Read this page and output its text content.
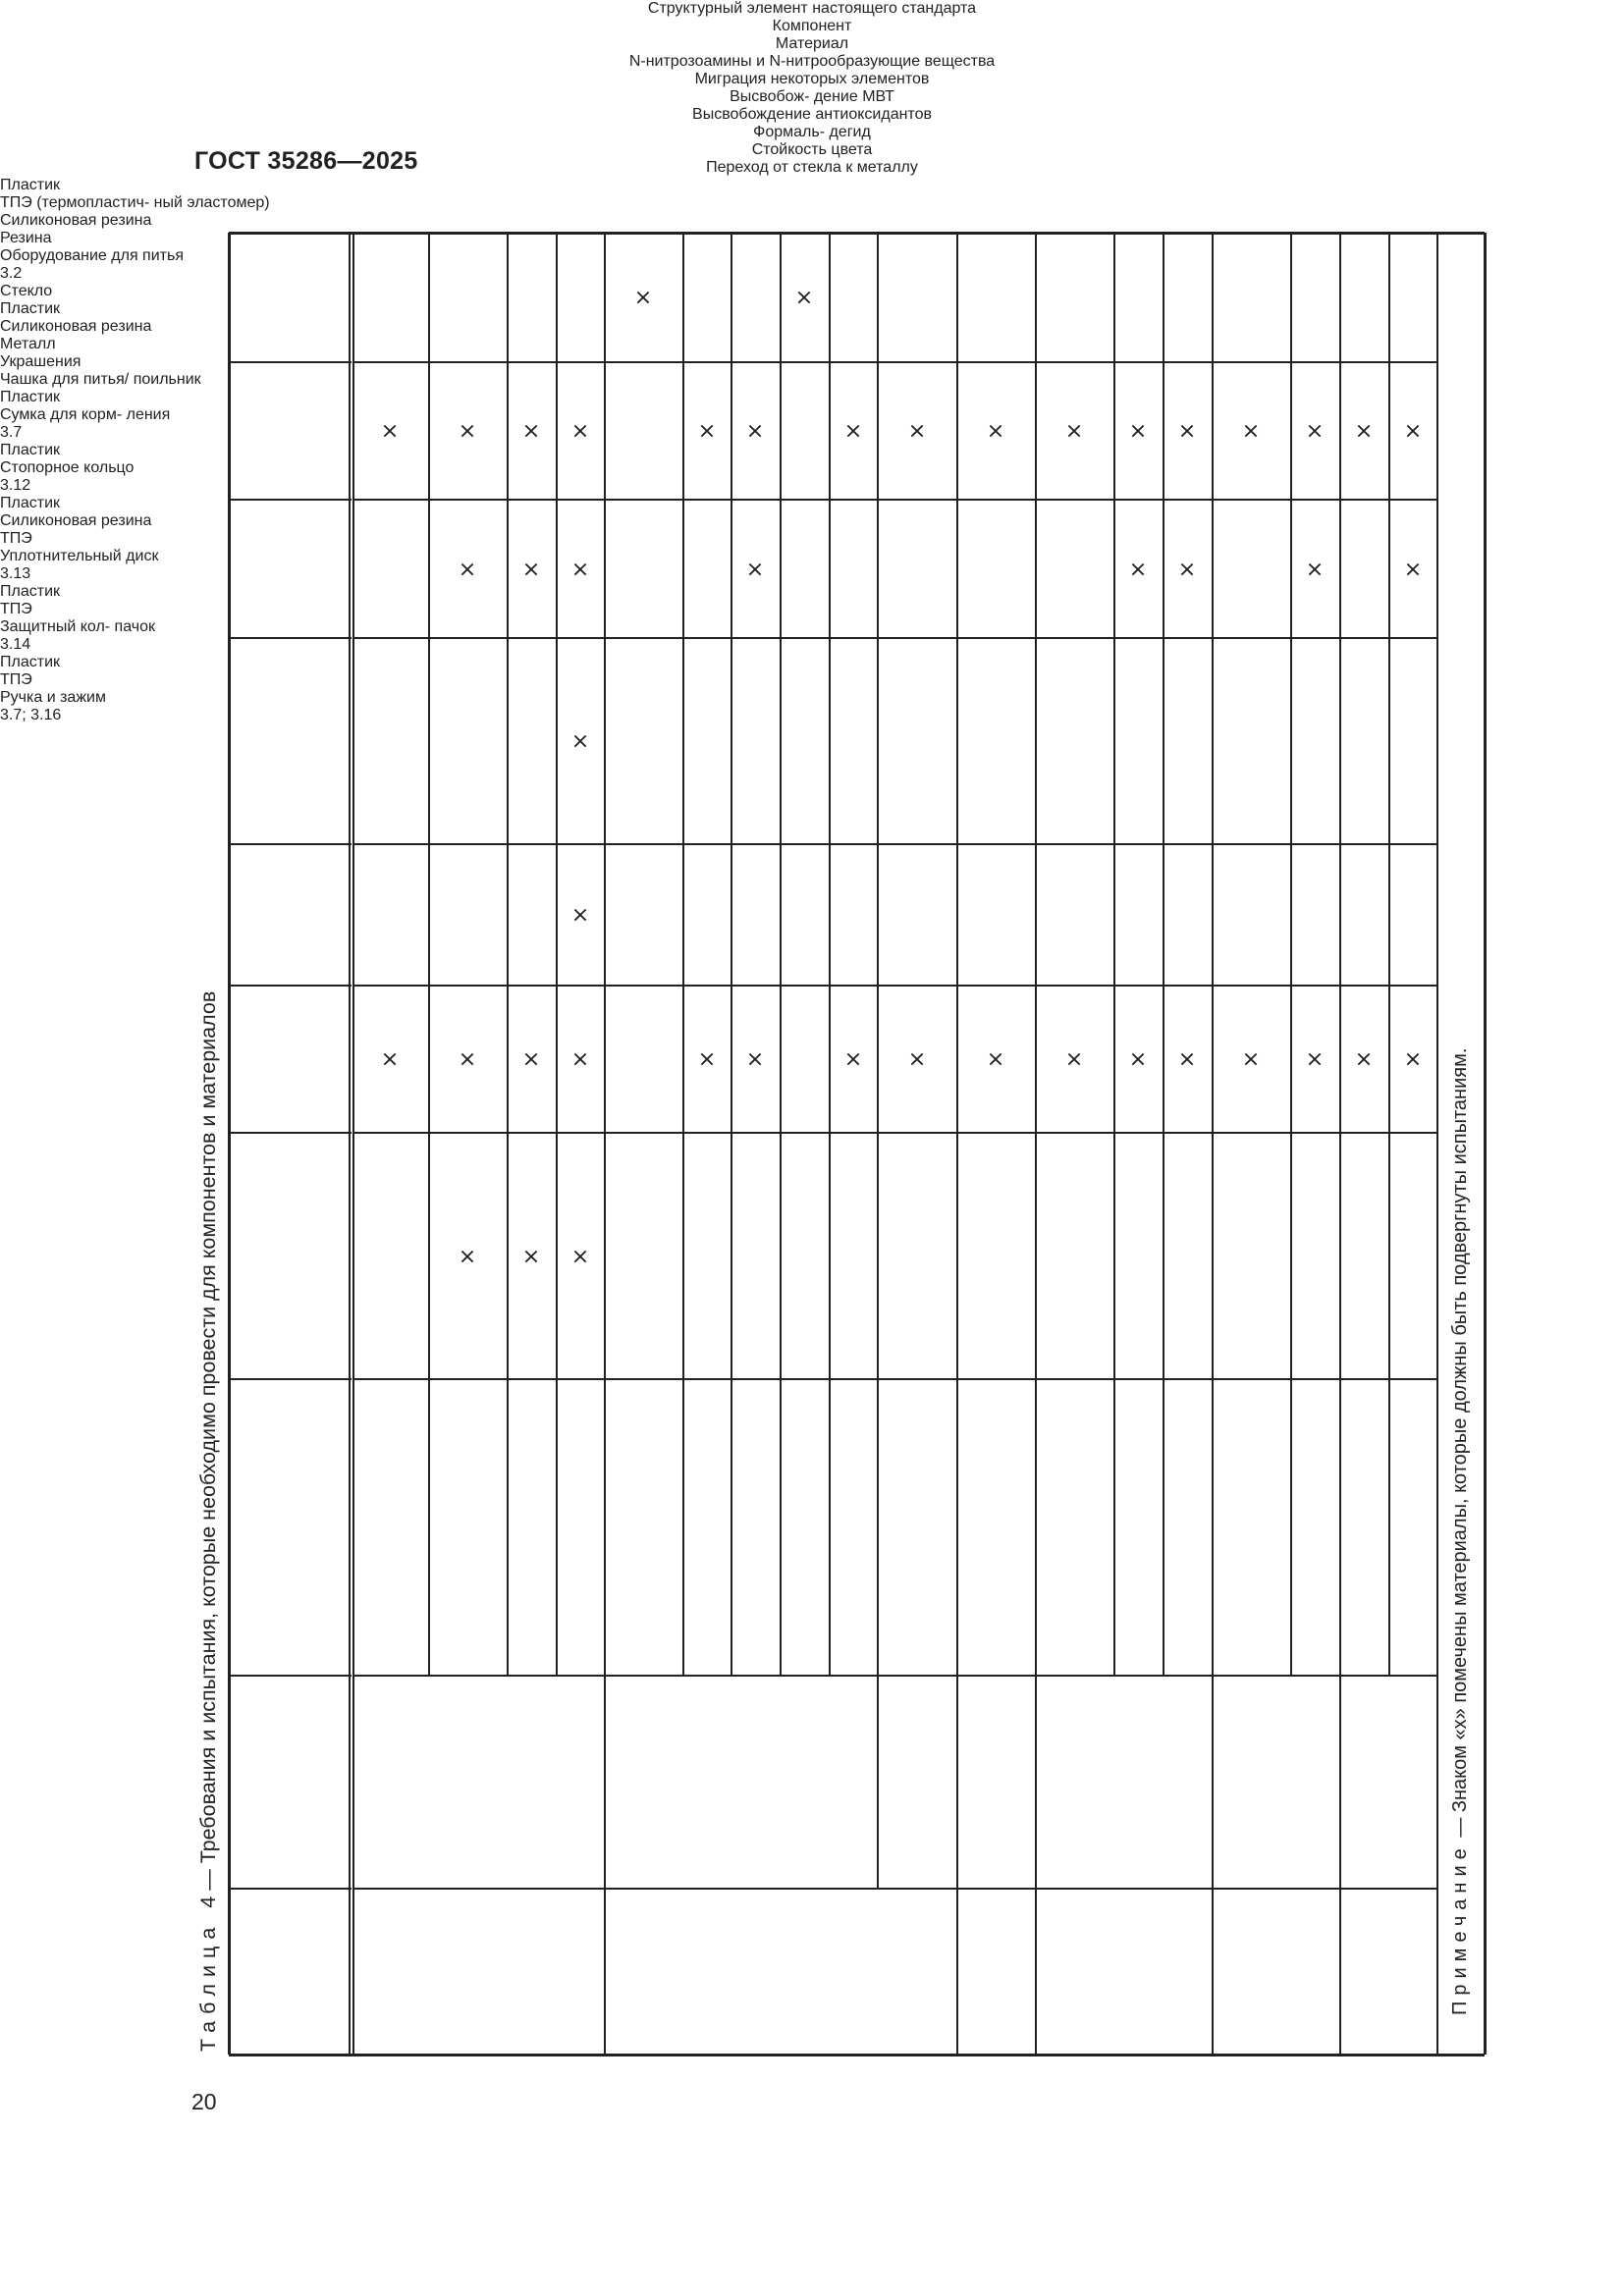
ГОСТ 35286—2025
Таблица 4 — Требования и испытания, которые необходимо провести для компонентов и материалов
Структурный элемент настоящего стандарта
Компонент
Материал
N-нитрозоамины и N-нитрообразующие вещества
Миграция некоторых элементов
Высвобож- дение МВТ
Высвобождение антиоксидантов
Формаль- дегид
Стойкость цвета
Переход от стекла к металлу
Пластик
×
×
ТПЭ (термопластич- ный эластомер)
×
×
×
×
Силиконовая резина
×
×
×
×
Резина
×
×
×
×
×
×
Оборудование для питья
3.2
Стекло	×
Пластик
×
×
Силиконовая резина
×
×
×
Металл
×
Украшения
×
×
Чашка для питья/ поильник
Пластик
×
×
Сумка для корм- ления
3.7
Пластик
×
×
Стопорное кольцо
3.12
Пластик
×
×
Силиконовая резина
×
×
×
ТПЭ
×
×
×
Уплотнительный диск
3.13
Пластик
×
×
ТПЭ
×
×
×
Защитный кол- пачок
3.14
Пластик
×
×
ТПЭ
×
×
×
Ручка и зажим
3.7; 3.16
Примечание — Знаком «х» помечены материалы, которые должны быть подвергнуты испытаниям.
20
